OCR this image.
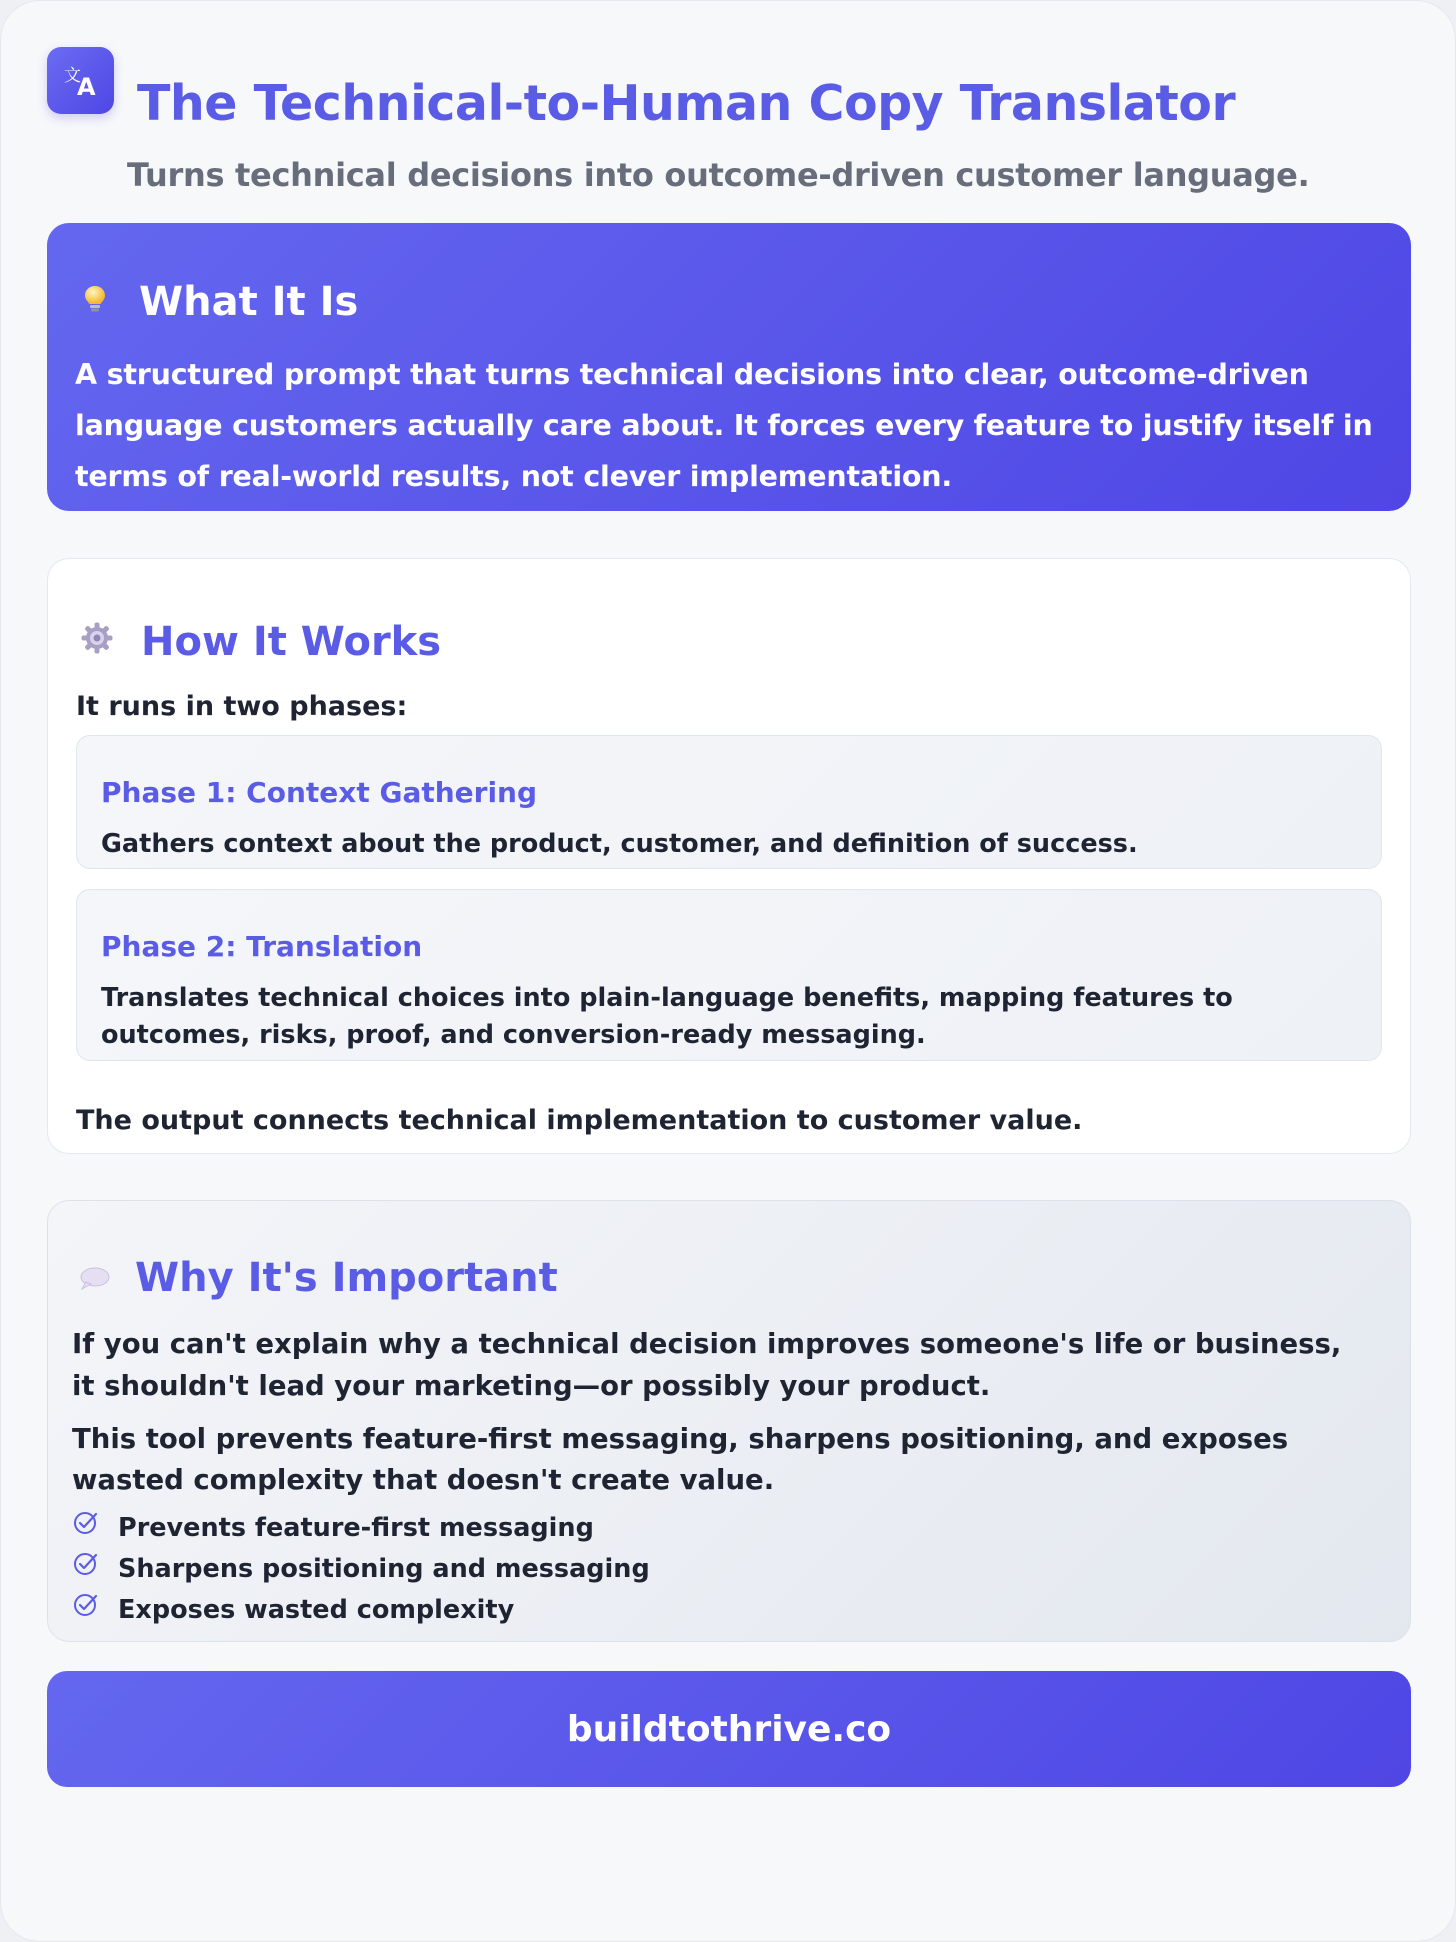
文
A The Technical-to-Human Copy Translator
Turns technical decisions into outcome-driven customer language.
What It Is
A structured prompt that turns technical decisions into clear, outcome-driven language customers actually care about. It forces every feature to justify itself in terms of real-world results, not clever implementation.
How It Works
It runs in two phases:
Phase 1: Context Gathering
Gathers context about the product, customer, and definition of success.
Phase 2: Translation
Translates technical choices into plain-language benefits, mapping features to outcomes, risks, proof, and conversion-ready messaging.
The output connects technical implementation to customer value.
Why It's Important
If you can't explain why a technical decision improves someone's life or business, it shouldn't lead your marketing—or possibly your product.
This tool prevents feature-first messaging, sharpens positioning, and exposes wasted complexity that doesn't create value.
Prevents feature-first messaging
Sharpens positioning and messaging
Exposes wasted complexity
buildtothrive.co
